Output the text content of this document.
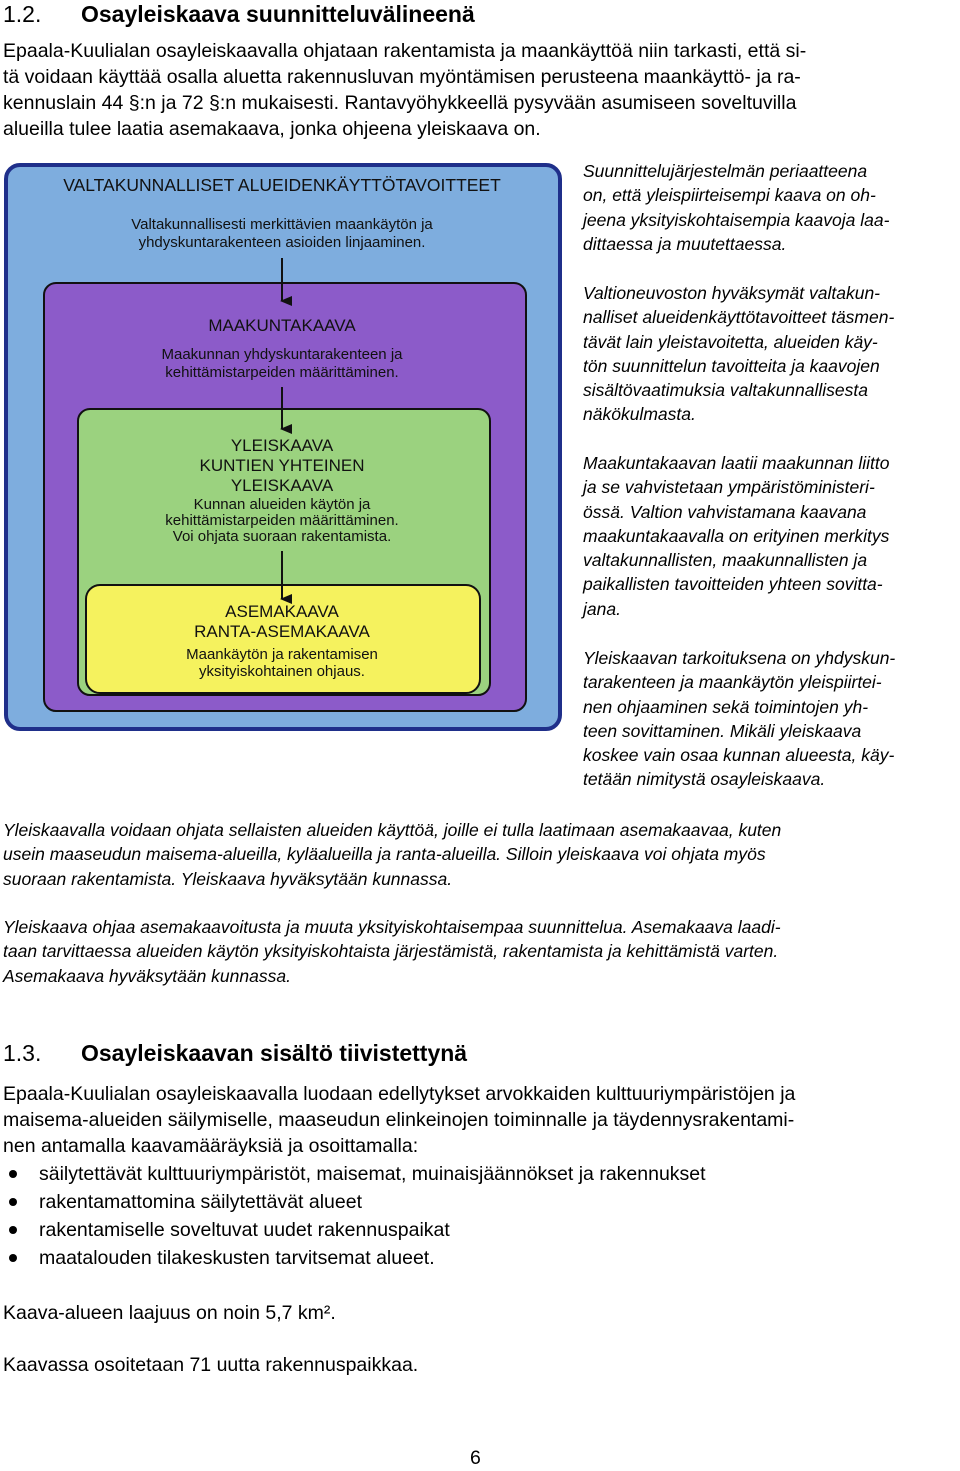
1.2. Osayleiskaava suunnitteluvälineenä
Epaala-Kuulialan osayleiskaavalla ohjataan rakentamista ja maankäyttöä niin tarkasti, että si-
tä voidaan käyttää osalla aluetta rakennusluvan myöntämisen perusteena maankäyttö- ja ra-
kennuslain 44 §:n ja 72 §:n mukaisesti. Rantavyöhykkeellä pysyvään asumiseen soveltuvilla
alueilla tulee laatia asemakaava, jonka ohjeena yleiskaava on.
VALTAKUNNALLISET ALUEIDENKÄYTTÖTAVOITTEET
Valtakunnallisesti merkittävien maankäytön ja
yhdyskuntarakenteen asioiden linjaaminen.
MAAKUNTAKAAVA
Maakunnan yhdyskuntarakenteen ja
kehittämistarpeiden määrittäminen.
YLEISKAAVA
KUNTIEN YHTEINEN
YLEISKAAVA
Kunnan alueiden käytön ja
kehittämistarpeiden määrittäminen.
Voi ohjata suoraan rakentamista.
ASEMAKAAVA
RANTA-ASEMAKAAVA
Maankäytön ja rakentamisen
yksityiskohtainen ohjaus.
Suunnittelujärjestelmän periaatteena
on, että yleispiirteisempi kaava on oh-
jeena yksityiskohtaisempia kaavoja laa-
dittaessa ja muutettaessa.
Valtioneuvoston hyväksymät valtakun-
nalliset alueidenkäyttötavoitteet täsmen-
tävät lain yleistavoitetta, alueiden käy-
tön suunnittelun tavoitteita ja kaavojen
sisältövaatimuksia valtakunnallisesta
näkökulmasta.
Maakuntakaavan laatii maakunnan liitto
ja se vahvistetaan ympäristöministeri-
össä. Valtion vahvistamana kaavana
maakuntakaavalla on erityinen merkitys
valtakunnallisten, maakunnallisten ja
paikallisten tavoitteiden yhteen sovitta-
jana.
Yleiskaavan tarkoituksena on yhdyskun-
tarakenteen ja maankäytön yleispiirtei-
nen ohjaaminen sekä toimintojen yh-
teen sovittaminen. Mikäli yleiskaava
koskee vain osaa kunnan alueesta, käy-
tetään nimitystä osayleiskaava.
Yleiskaavalla voidaan ohjata sellaisten alueiden käyttöä, joille ei tulla laatimaan asemakaavaa, kuten
usein maaseudun maisema-alueilla, kyläalueilla ja ranta-alueilla. Silloin yleiskaava voi ohjata myös
suoraan rakentamista. Yleiskaava hyväksytään kunnassa.
Yleiskaava ohjaa asemakaavoitusta ja muuta yksityiskohtaisempaa suunnittelua. Asemakaava laadi-
taan tarvittaessa alueiden käytön yksityiskohtaista järjestämistä, rakentamista ja kehittämistä varten.
Asemakaava hyväksytään kunnassa.
1.3. Osayleiskaavan sisältö tiivistettynä
Epaala-Kuulialan osayleiskaavalla luodaan edellytykset arvokkaiden kulttuuriympäristöjen ja
maisema-alueiden säilymiselle, maaseudun elinkeinojen toiminnalle ja täydennysrakentami-
nen antamalla kaavamääräyksiä ja osoittamalla:
säilytettävät kulttuuriympäristöt, maisemat, muinaisjäännökset ja rakennukset
rakentamattomina säilytettävät alueet
rakentamiselle soveltuvat uudet rakennuspaikat
maatalouden tilakeskusten tarvitsemat alueet.
Kaava-alueen laajuus on noin 5,7 km².
Kaavassa osoitetaan 71 uutta rakennuspaikkaa.
6
